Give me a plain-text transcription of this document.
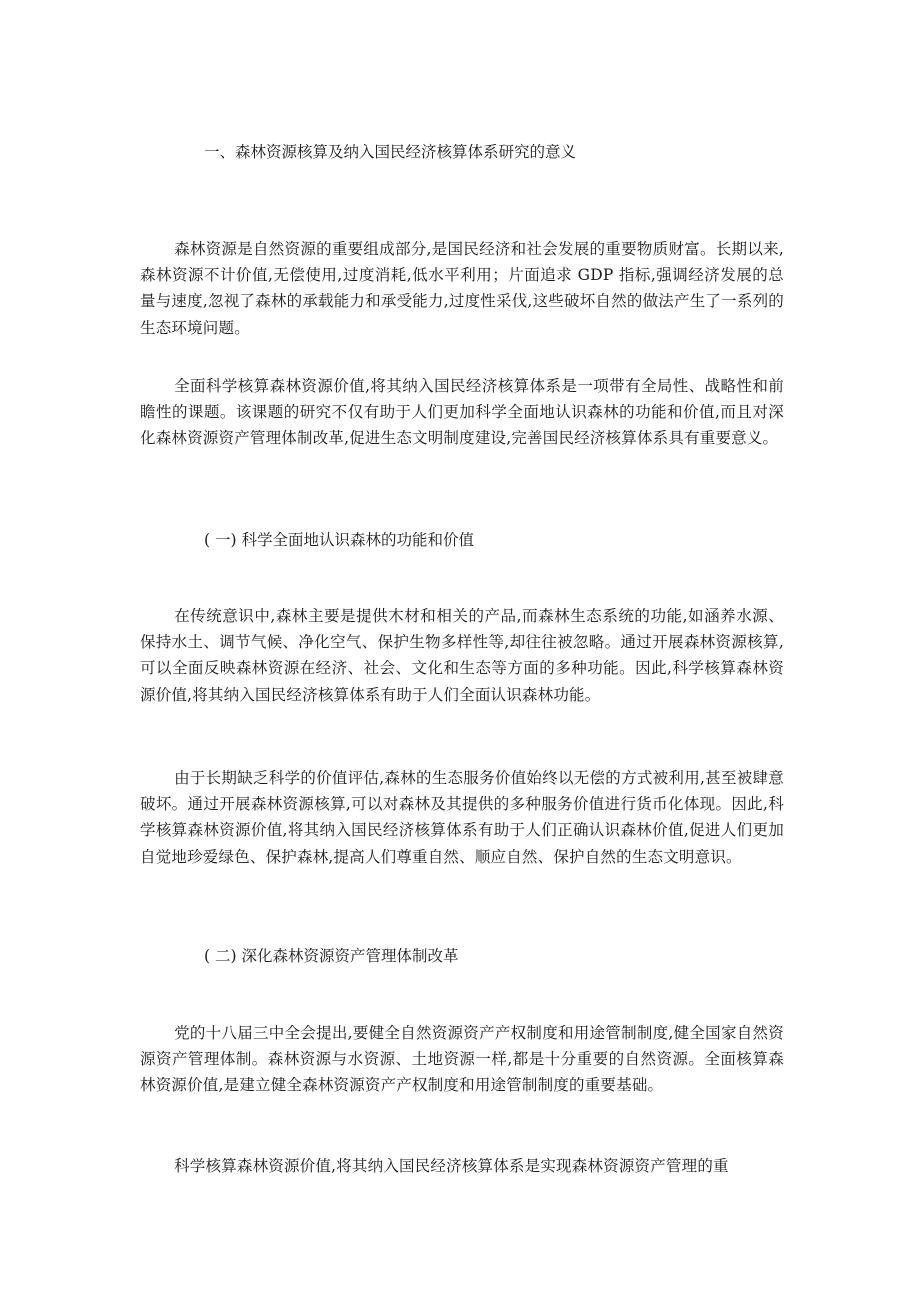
一、森林资源核算及纳入国民经济核算体系研究的意义
森林资源是自然资源的重要组成部分,是国民经济和社会发展的重要物质财富。长期以来,森林资源不计价值,无偿使用,过度消耗,低水平利用；片面追求 GDP 指标,强调经济发展的总量与速度,忽视了森林的承载能力和承受能力,过度性采伐,这些破坏自然的做法产生了一系列的生态环境问题。
全面科学核算森林资源价值,将其纳入国民经济核算体系是一项带有全局性、战略性和前瞻性的课题。该课题的研究不仅有助于人们更加科学全面地认识森林的功能和价值,而且对深化森林资源资产管理体制改革,促进生态文明制度建设,完善国民经济核算体系具有重要意义。
( 一) 科学全面地认识森林的功能和价值
在传统意识中,森林主要是提供木材和相关的产品,而森林生态系统的功能,如涵养水源、保持水土、调节气候、净化空气、保护生物多样性等,却往往被忽略。通过开展森林资源核算,可以全面反映森林资源在经济、社会、文化和生态等方面的多种功能。因此,科学核算森林资源价值,将其纳入国民经济核算体系有助于人们全面认识森林功能。
由于长期缺乏科学的价值评估,森林的生态服务价值始终以无偿的方式被利用,甚至被肆意破坏。通过开展森林资源核算,可以对森林及其提供的多种服务价值进行货币化体现。因此,科学核算森林资源价值,将其纳入国民经济核算体系有助于人们正确认识森林价值,促进人们更加自觉地珍爱绿色、保护森林,提高人们尊重自然、顺应自然、保护自然的生态文明意识。
( 二) 深化森林资源资产管理体制改革
党的十八届三中全会提出,要健全自然资源资产产权制度和用途管制制度,健全国家自然资源资产管理体制。森林资源与水资源、土地资源一样,都是十分重要的自然资源。全面核算森林资源价值,是建立健全森林资源资产产权制度和用途管制制度的重要基础。
科学核算森林资源价值,将其纳入国民经济核算体系是实现森林资源资产管理的重
